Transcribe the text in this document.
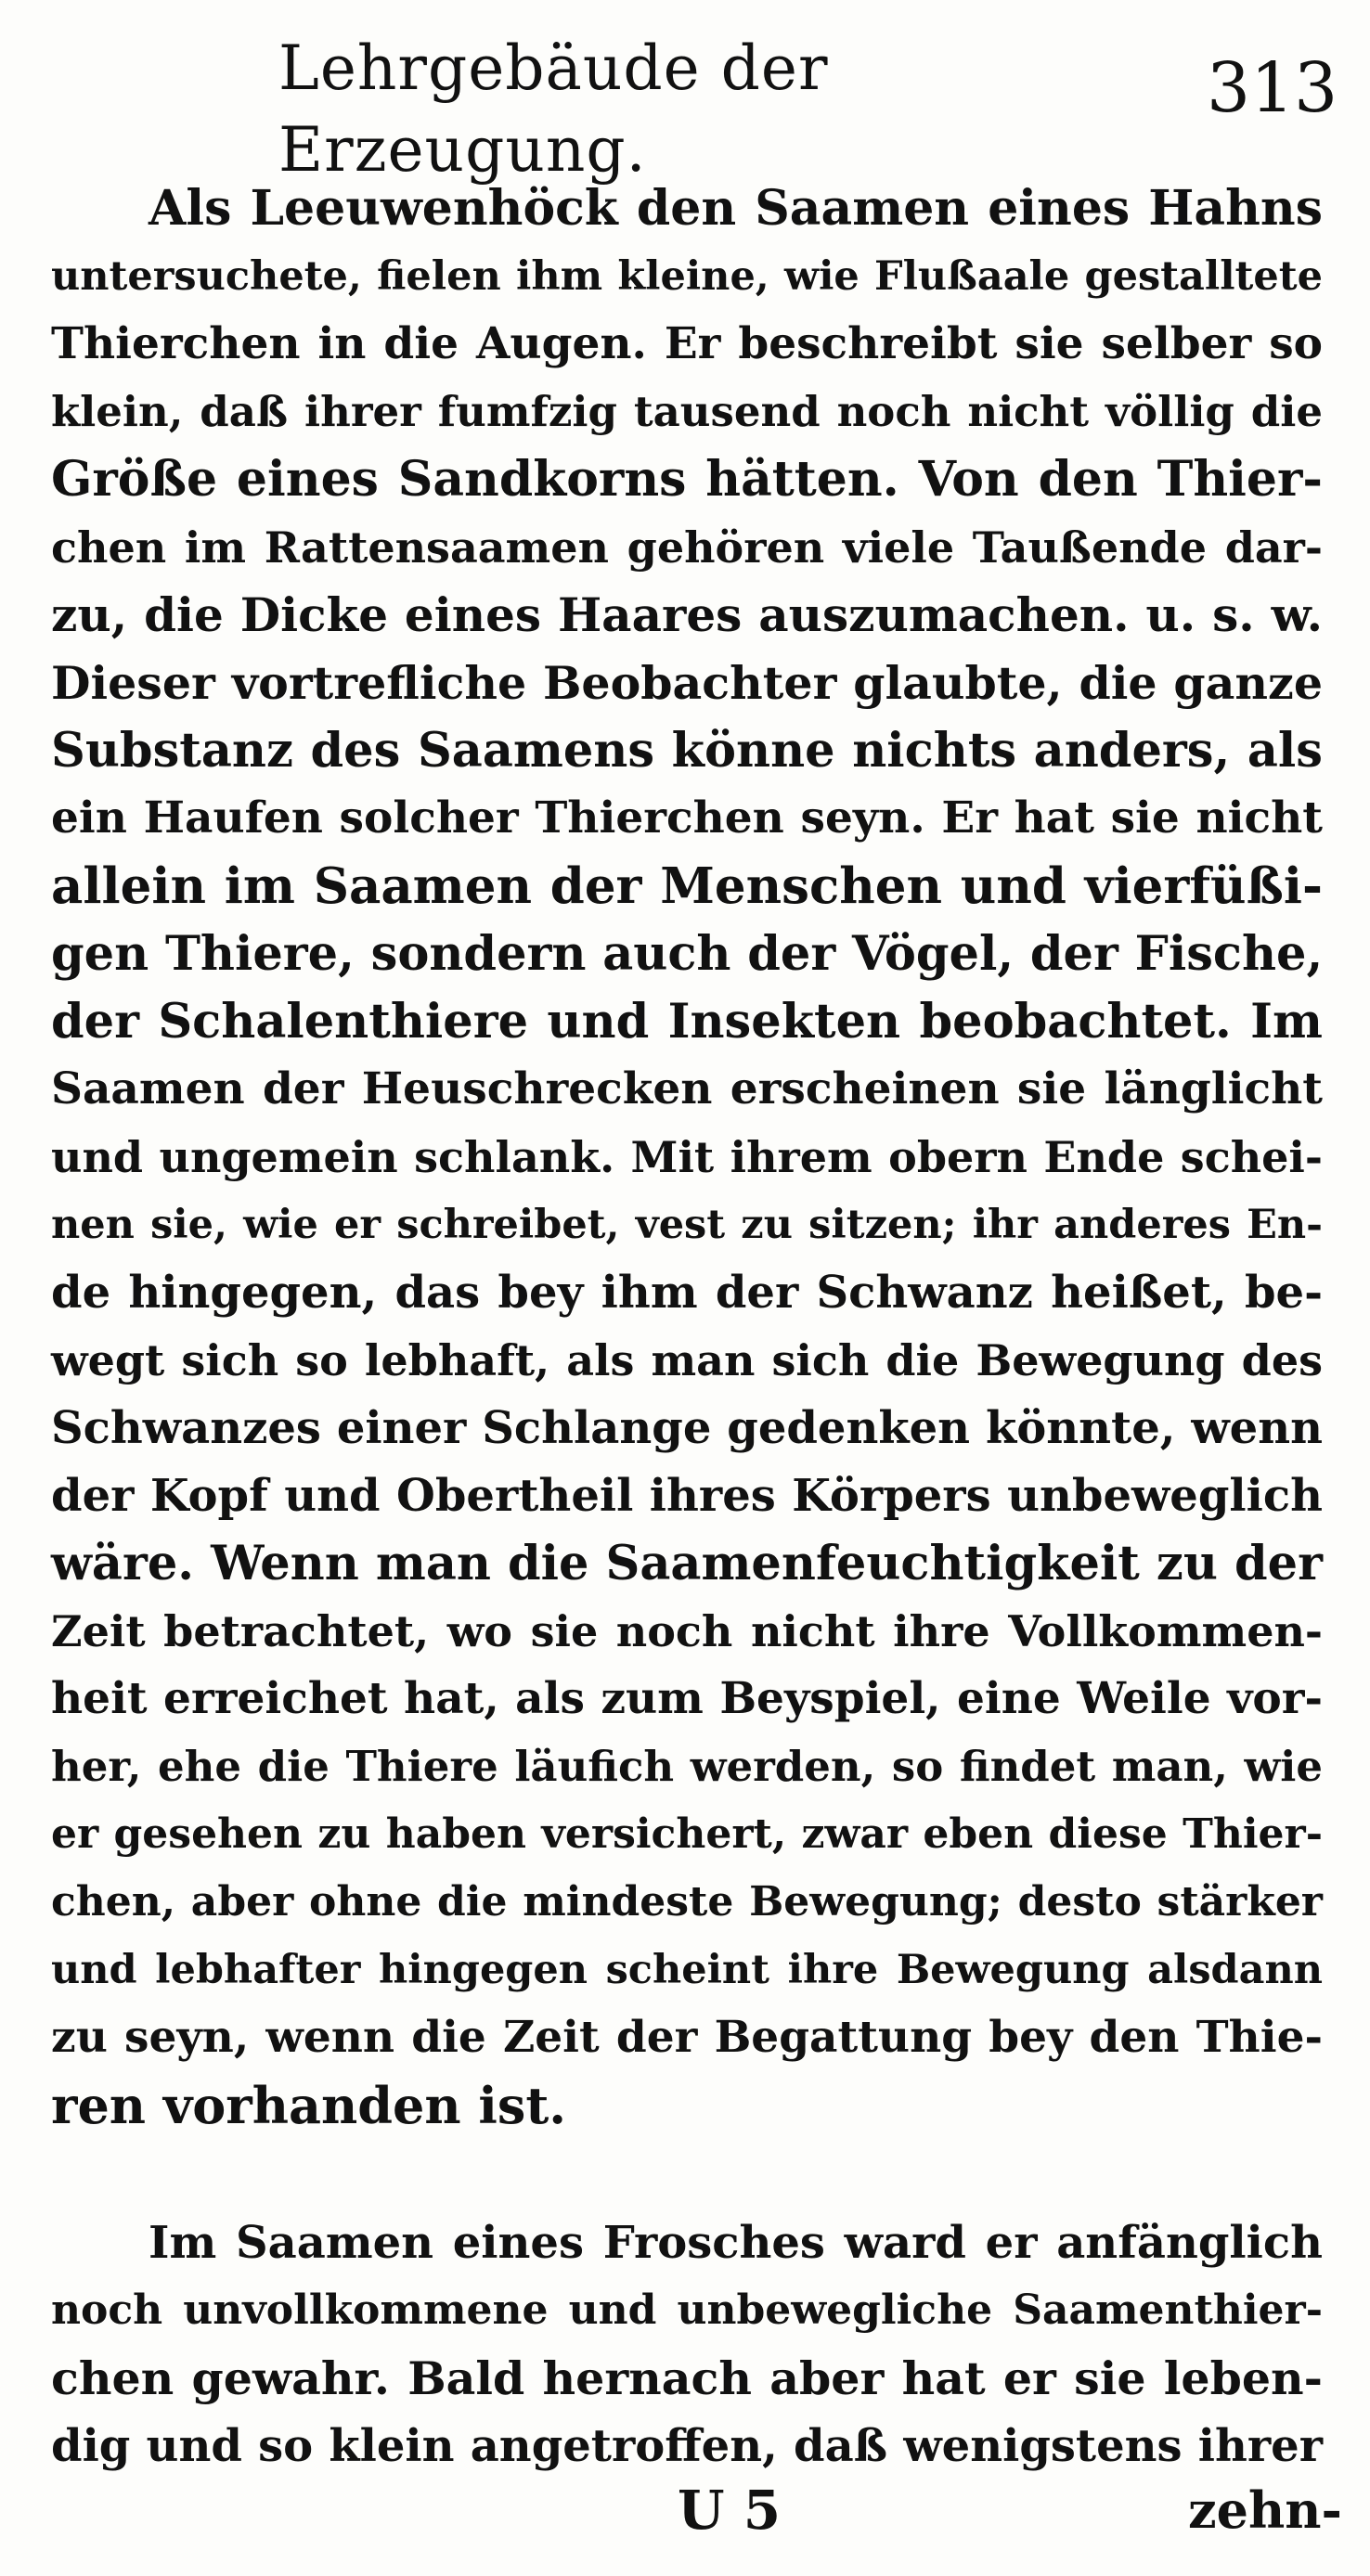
Lehrgebäude der Erzeugung.
313
Als Leeuwenhöck den Saamen eines Hahns
untersuchete, fielen ihm kleine, wie Flußaale gestalltete
Thierchen in die Augen. Er beschreibt sie selber so
klein, daß ihrer fumfzig tausend noch nicht völlig die
Größe eines Sandkorns hätten. Von den Thier-
chen im Rattensaamen gehören viele Taußende dar-
zu, die Dicke eines Haares auszumachen. u. s. w.
Dieser vortrefliche Beobachter glaubte, die ganze
Substanz des Saamens könne nichts anders, als
ein Haufen solcher Thierchen seyn. Er hat sie nicht
allein im Saamen der Menschen und vierfüßi-
gen Thiere, sondern auch der Vögel, der Fische,
der Schalenthiere und Insekten beobachtet. Im
Saamen der Heuschrecken erscheinen sie länglicht
und ungemein schlank. Mit ihrem obern Ende schei-
nen sie, wie er schreibet, vest zu sitzen; ihr anderes En-
de hingegen, das bey ihm der Schwanz heißet, be-
wegt sich so lebhaft, als man sich die Bewegung des
Schwanzes einer Schlange gedenken könnte, wenn
der Kopf und Obertheil ihres Körpers unbeweglich
wäre. Wenn man die Saamenfeuchtigkeit zu der
Zeit betrachtet, wo sie noch nicht ihre Vollkommen-
heit erreichet hat, als zum Beyspiel, eine Weile vor-
her, ehe die Thiere läufich werden, so findet man, wie
er gesehen zu haben versichert, zwar eben diese Thier-
chen, aber ohne die mindeste Bewegung; desto stärker
und lebhafter hingegen scheint ihre Bewegung alsdann
zu seyn, wenn die Zeit der Begattung bey den Thie-
ren vorhanden ist.
Im Saamen eines Frosches ward er anfänglich
noch unvollkommene und unbewegliche Saamenthier-
chen gewahr. Bald hernach aber hat er sie leben-
dig und so klein angetroffen, daß wenigstens ihrer
U 5	zehn-
